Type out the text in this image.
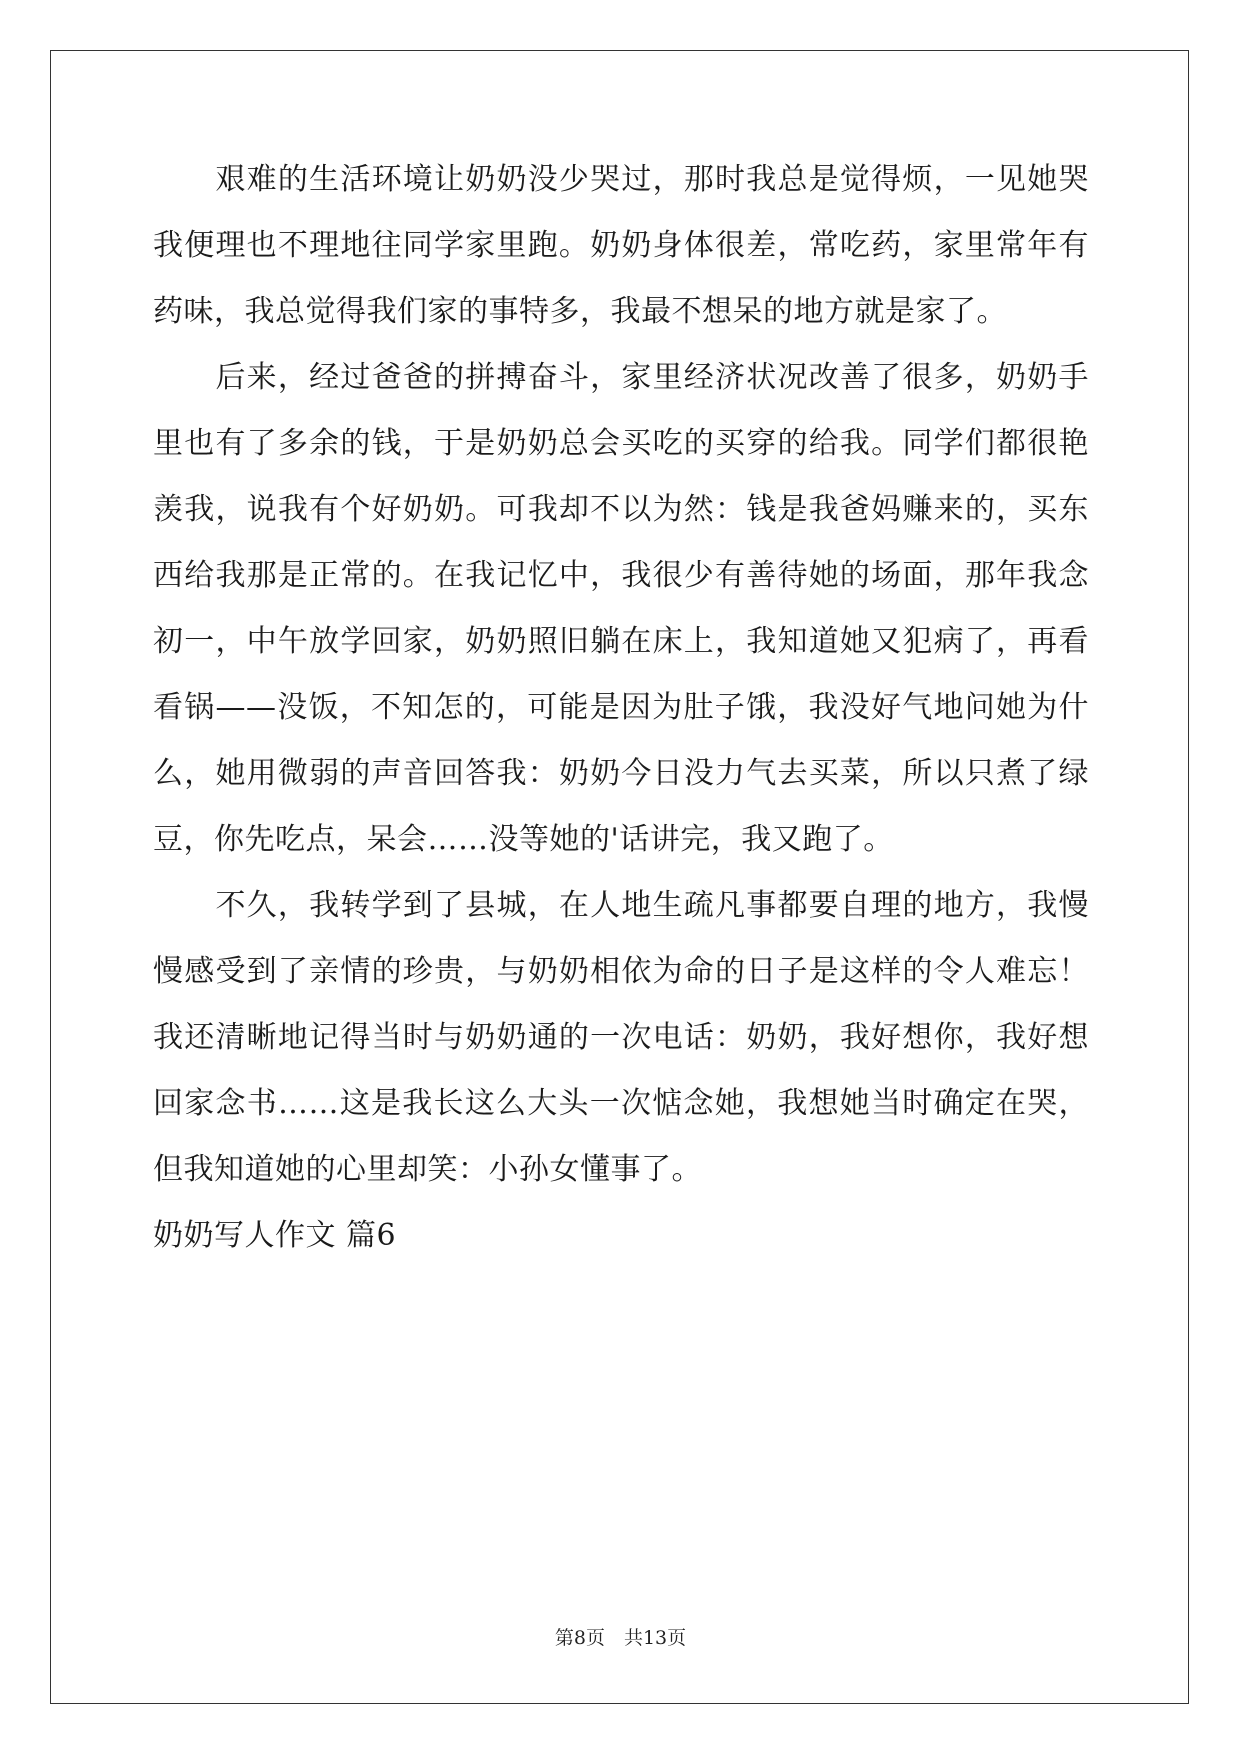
　　艰难的生活环境让奶奶没少哭过，那时我总是觉得烦，一见她哭
我便理也不理地往同学家里跑。奶奶身体很差，常吃药，家里常年有
药味，我总觉得我们家的事特多，我最不想呆的地方就是家了。
　　后来，经过爸爸的拼搏奋斗，家里经济状况改善了很多，奶奶手
里也有了多余的钱，于是奶奶总会买吃的买穿的给我。同学们都很艳
羡我，说我有个好奶奶。可我却不以为然：钱是我爸妈赚来的，买东
西给我那是正常的。在我记忆中，我很少有善待她的场面，那年我念
初一，中午放学回家，奶奶照旧躺在床上，我知道她又犯病了，再看
看锅——没饭，不知怎的，可能是因为肚子饿，我没好气地问她为什
么，她用微弱的声音回答我：奶奶今日没力气去买菜，所以只煮了绿
豆，你先吃点，呆会……没等她的'话讲完，我又跑了。
　　不久，我转学到了县城，在人地生疏凡事都要自理的地方，我慢
慢感受到了亲情的珍贵，与奶奶相依为命的日子是这样的令人难忘！
我还清晰地记得当时与奶奶通的一次电话：奶奶，我好想你，我好想
回家念书……这是我长这么大头一次惦念她，我想她当时确定在哭，
但我知道她的心里却笑：小孙女懂事了。
奶奶写人作文 篇6
第8页　共13页
